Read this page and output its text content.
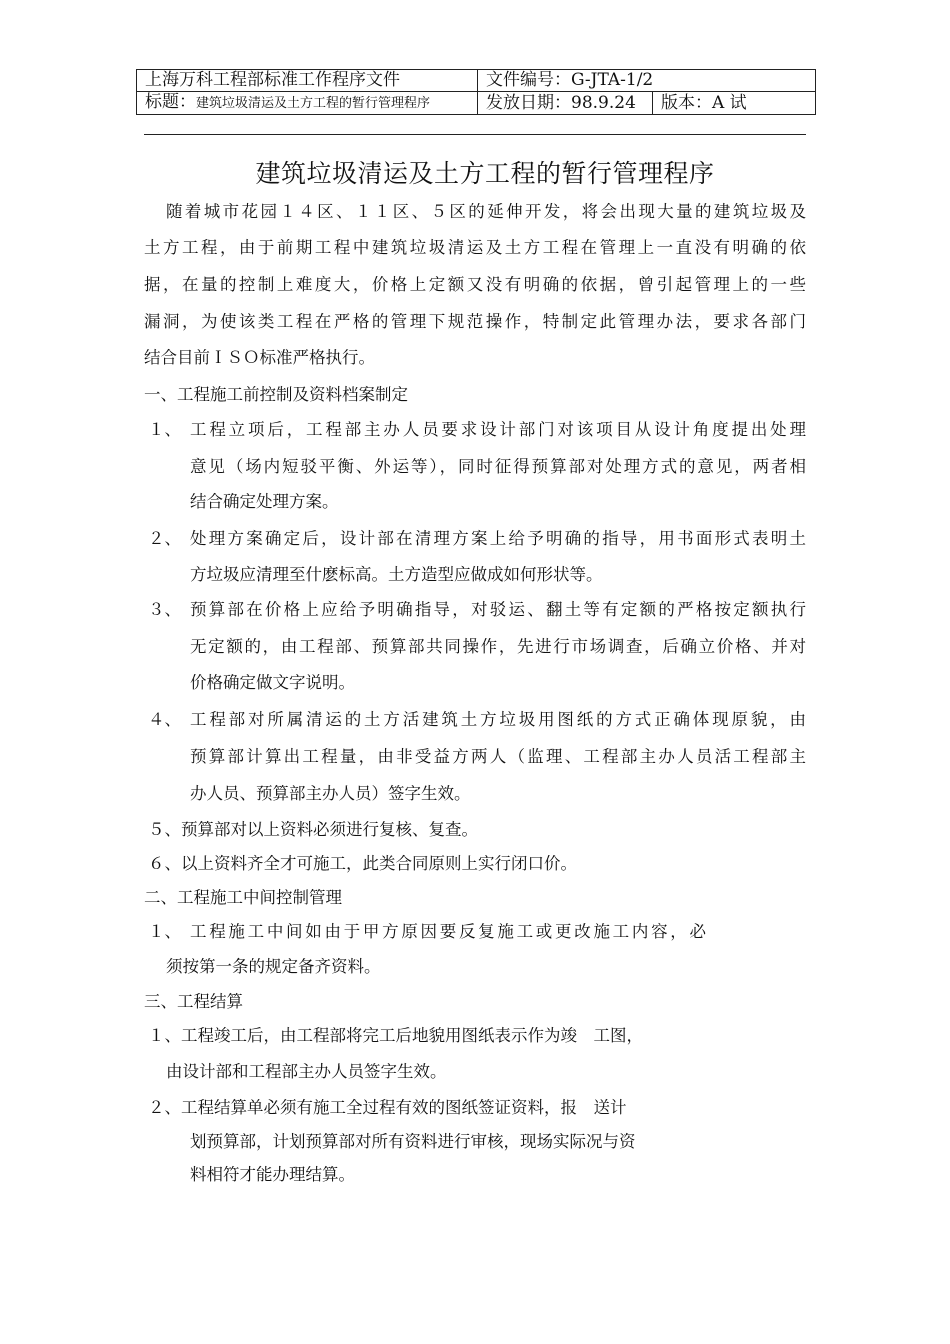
上海万科工程部标准工作程序文件	文件编号：G-JTA-1/2	
标题：建筑垃圾清运及土方工程的暂行管理程序	发放日期：98.9.24	版本：A 试
建筑垃圾清运及土方工程的暂行管理程序
随着城市花园１４区、１１区、５区的延伸开发，将会出现大量的建筑垃圾及
土方工程，由于前期工程中建筑垃圾清运及土方工程在管理上一直没有明确的依
据，在量的控制上难度大，价格上定额又没有明确的依据，曾引起管理上的一些
漏洞，为使该类工程在严格的管理下规范操作，特制定此管理办法，要求各部门
结合目前ＩＳＯ标准严格执行。
一、工程施工前控制及资料档案制定
１、 工程立项后，工程部主办人员要求设计部门对该项目从设计角度提出处理
意见（场内短驳平衡、外运等），同时征得预算部对处理方式的意见，两者相
结合确定处理方案。
２、 处理方案确定后，设计部在清理方案上给予明确的指导，用书面形式表明土
方垃圾应清理至什麽标高。土方造型应做成如何形状等。
３、 预算部在价格上应给予明确指导，对驳运、翻土等有定额的严格按定额执行
无定额的，由工程部、预算部共同操作，先进行市场调查，后确立价格、并对
价格确定做文字说明。
４、 工程部对所属清运的土方活建筑土方垃圾用图纸的方式正确体现原貌，由
预算部计算出工程量，由非受益方两人（监理、工程部主办人员活工程部主
办人员、预算部主办人员）签字生效。
５、预算部对以上资料必须进行复核、复查。
６、以上资料齐全才可施工，此类合同原则上实行闭口价。
二、工程施工中间控制管理
１、 工程施工中间如由于甲方原因要反复施工或更改施工内容，必
须按第一条的规定备齐资料。
三、工程结算
１、工程竣工后，由工程部将完工后地貌用图纸表示作为竣　工图，
由设计部和工程部主办人员签字生效。
２、工程结算单必须有施工全过程有效的图纸签证资料，报　送计
划预算部，计划预算部对所有资料进行审核，现场实际况与资
料相符才能办理结算。
